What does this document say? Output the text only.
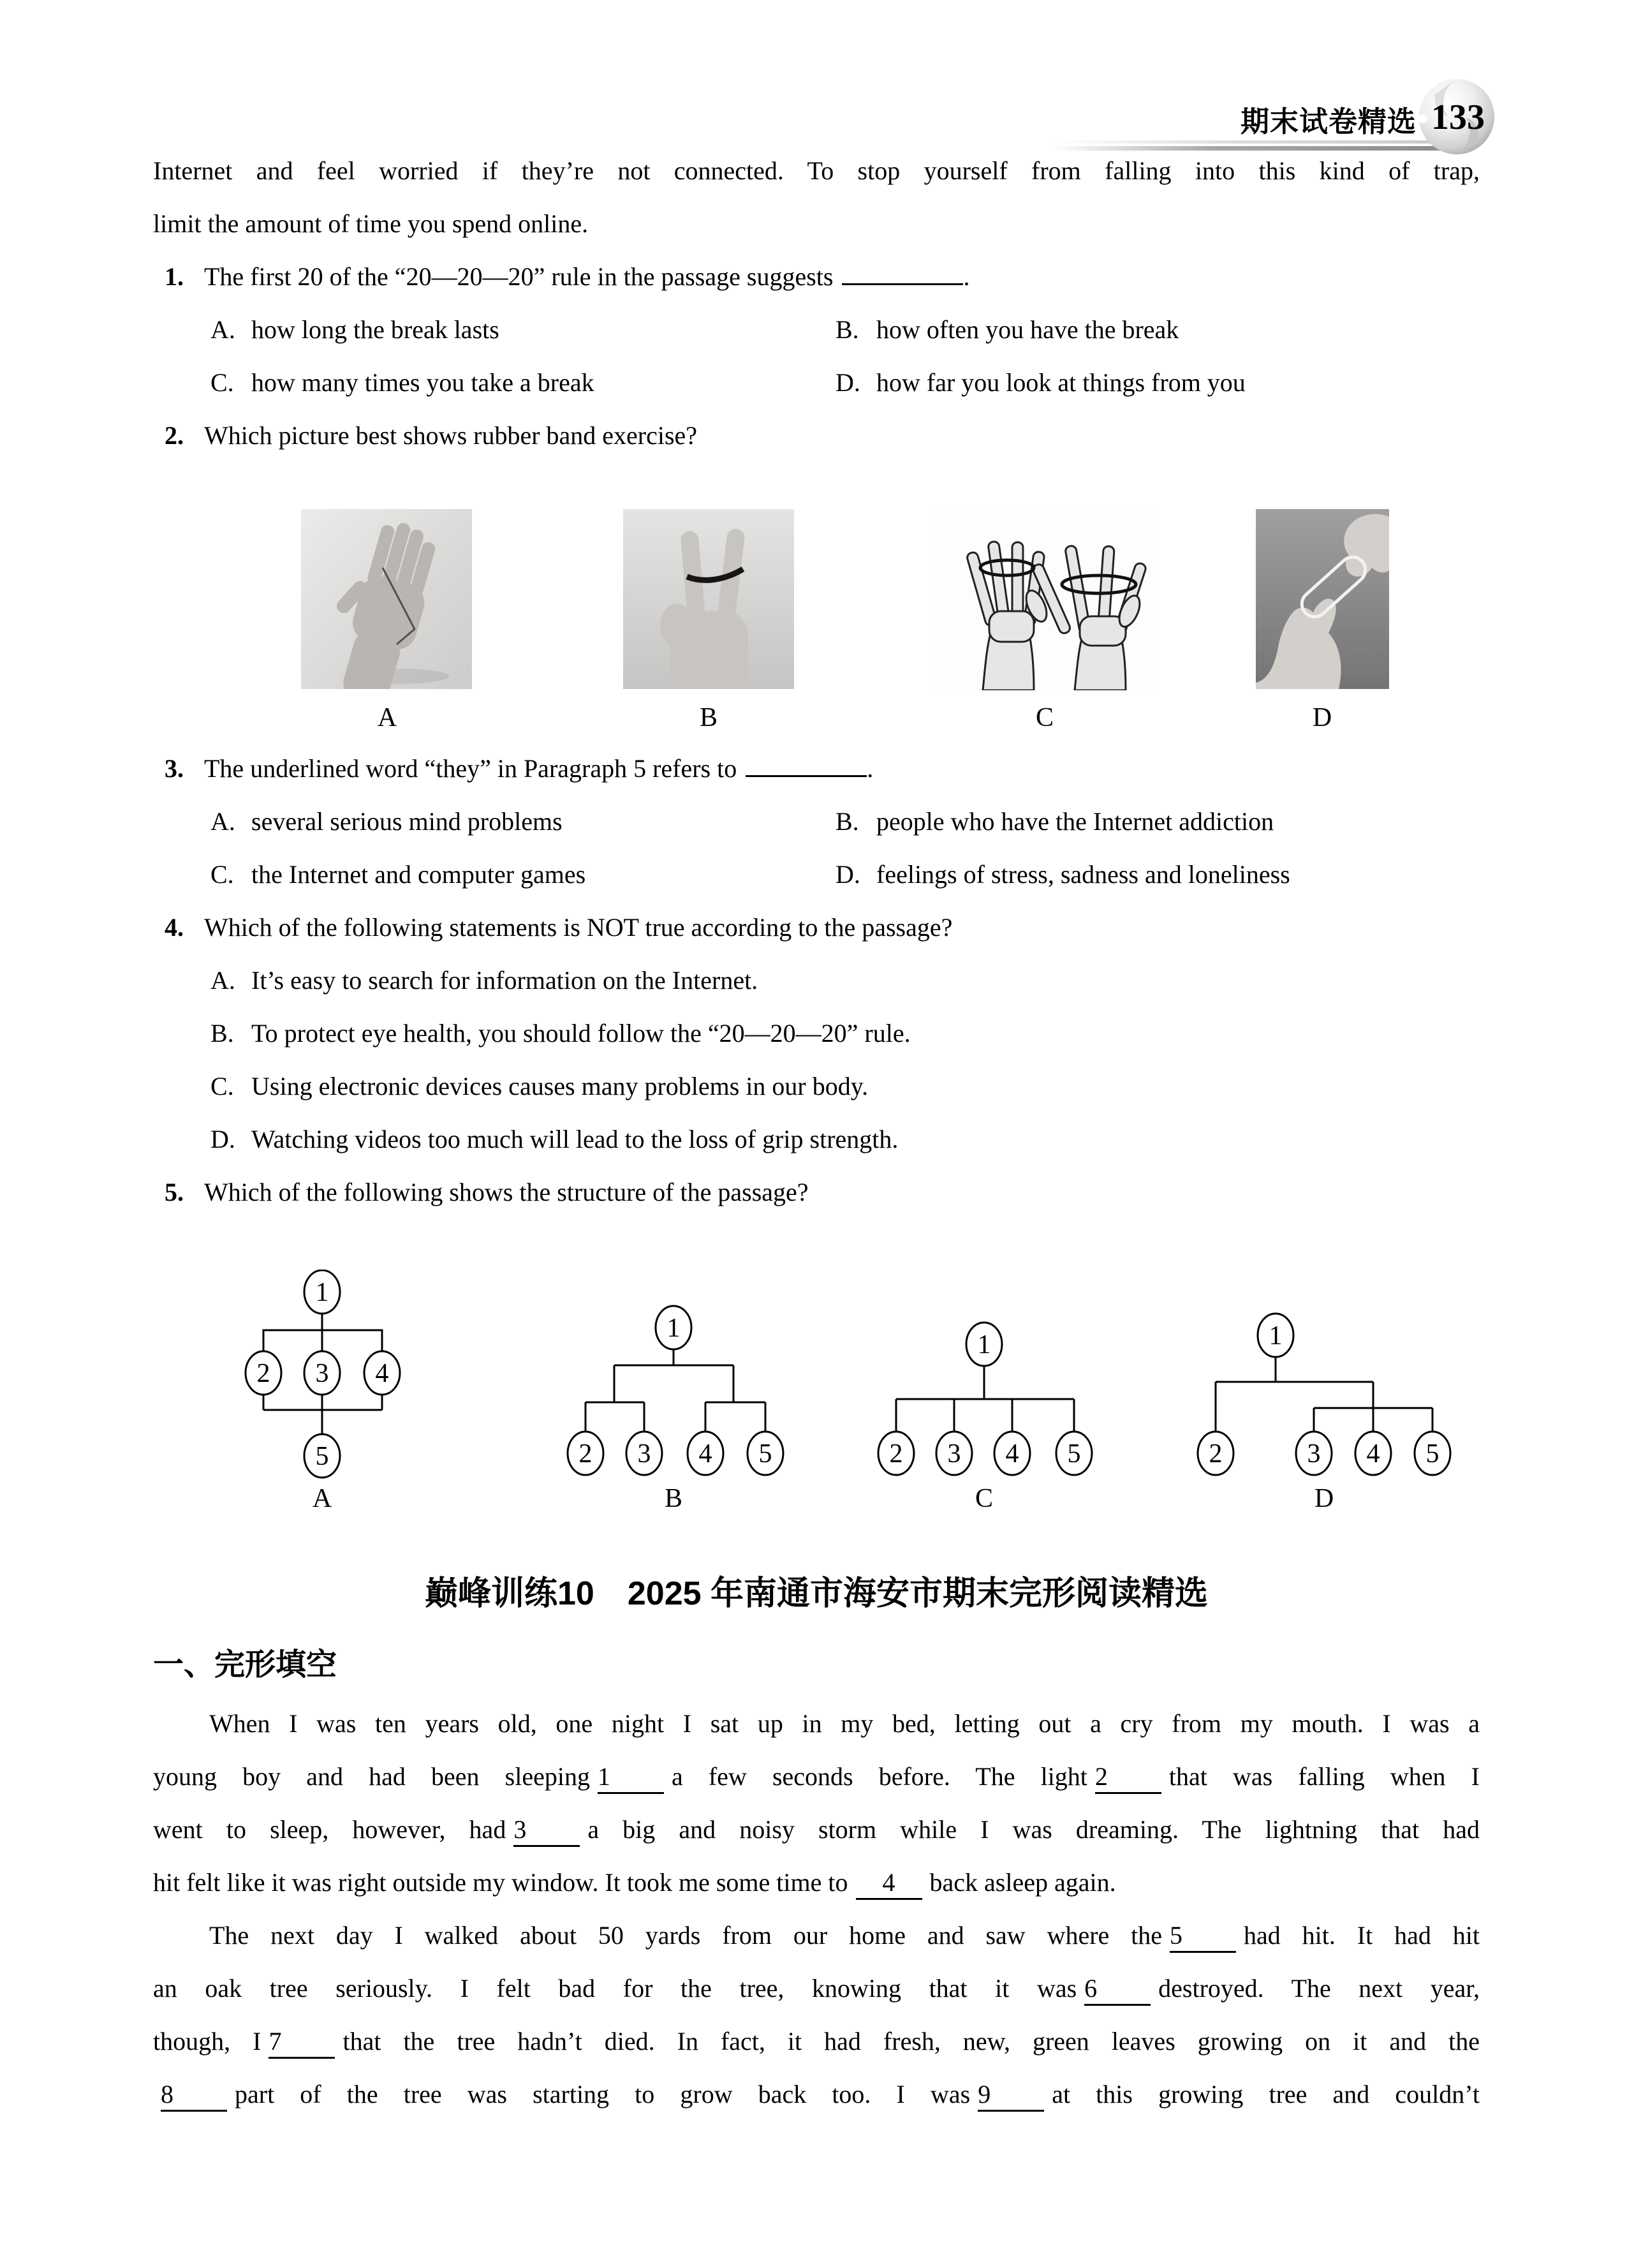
期末试卷精选 133
Internet and feel worried if they’re not connected. To stop yourself from falling into this kind of trap,
limit the amount of time you spend online.
1. The first 20 of the “20—20—20” rule in the passage suggests	.
A. how long the break lasts	B. how often you have the break
C. how many times you take a break	D. how far you look at things from you
2. Which picture best shows rubber band exercise?
A	B	C	D
3. The underlined word “they” in Paragraph 5 refers to	.
A. several serious mind problems	B. people who have the Internet addiction
C. the Internet and computer games	D. feelings of stress, sadness and loneliness
4. Which of the following statements is NOT true according to the passage?
A. It’s easy to search for information on the Internet.
B. To protect eye health, you should follow the “20—20—20” rule.
C. Using electronic devices causes many problems in our body.
D. Watching videos too much will lead to the loss of grip strength.
5. Which of the following shows the structure of the passage?
1
2 3 4
5
1
2 3 4 5
1
2 3 4 5
1
2	3 4 5
A	B	C	D
巅峰训练10　2025 年南通市海安市期末完形阅读精选
一、完形填空
When I was ten years old, one night I sat up in my bed, letting out a cry from my mouth. I was a
young boy and had been sleeping 1 a few seconds before. The light 2 that was falling when I
went to sleep, however, had 3 a big and noisy storm while I was dreaming. The lightning that had
hit felt like it was right outside my window. It took me some time to 4 back asleep again.
The next day I walked about 50 yards from our home and saw where the 5 had hit. It had hit
an oak tree seriously. I felt bad for the tree, knowing that it was 6 destroyed. The next year,
though, I 7 that the tree hadn’t died. In fact, it had fresh, new, green leaves growing on it and the
8 part of the tree was starting to grow back too. I was 9 at this growing tree and couldn’t
